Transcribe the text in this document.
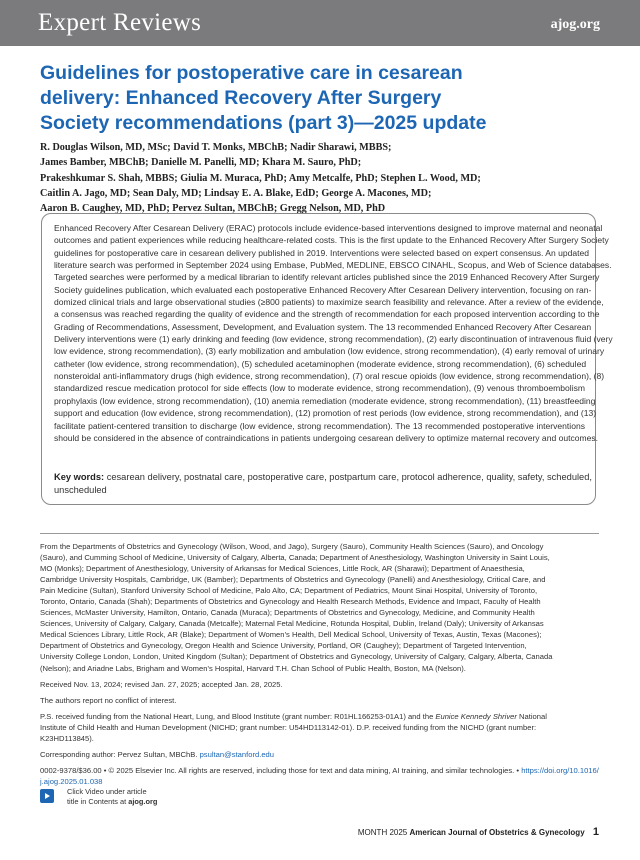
Expert Reviews	ajog.org
Guidelines for postoperative care in cesarean
delivery: Enhanced Recovery After Surgery
Society recommendations (part 3)—2025 update
R. Douglas Wilson, MD, MSc; David T. Monks, MBChB; Nadir Sharawi, MBBS;
James Bamber, MBChB; Danielle M. Panelli, MD; Khara M. Sauro, PhD;
Prakeshkumar S. Shah, MBBS; Giulia M. Muraca, PhD; Amy Metcalfe, PhD; Stephen L. Wood, MD;
Caitlin A. Jago, MD; Sean Daly, MD; Lindsay E. A. Blake, EdD; George A. Macones, MD;
Aaron B. Caughey, MD, PhD; Pervez Sultan, MBChB; Gregg Nelson, MD, PhD
Enhanced Recovery After Cesarean Delivery (ERAC) protocols include evidence-based interventions designed to improve maternal and neonatal
outcomes and patient experiences while reducing healthcare-related costs. This is the first update to the Enhanced Recovery After Surgery Society
guidelines for postoperative care in cesarean delivery published in 2019. Interventions were selected based on expert consensus. An updated
literature search was performed in September 2024 using Embase, PubMed, MEDLINE, EBSCO CINAHL, Scopus, and Web of Science databases.
Targeted searches were performed by a medical librarian to identify relevant articles published since the 2019 Enhanced Recovery After Surgery
Society guidelines publication, which evaluated each postoperative Enhanced Recovery After Cesarean Delivery intervention, focusing on ran-
domized clinical trials and large observational studies (≥800 patients) to maximize search feasibility and relevance. After a review of the evidence,
a consensus was reached regarding the quality of evidence and the strength of recommendation for each proposed intervention according to the
Grading of Recommendations, Assessment, Development, and Evaluation system. The 13 recommended Enhanced Recovery After Cesarean
Delivery interventions were (1) early drinking and feeding (low evidence, strong recommendation), (2) early discontinuation of intravenous fluid (very
low evidence, strong recommendation), (3) early mobilization and ambulation (low evidence, strong recommendation), (4) early removal of urinary
catheter (low evidence, strong recommendation), (5) scheduled acetaminophen (moderate evidence, strong recommendation), (6) scheduled
nonsteroidal anti-inflammatory drugs (high evidence, strong recommendation), (7) oral rescue opioids (low evidence, strong recommendation), (8)
standardized rescue medication protocol for side effects (low to moderate evidence, strong recommendation), (9) venous thromboembolism
prophylaxis (low evidence, strong recommendation), (10) anemia remediation (moderate evidence, strong recommendation), (11) breastfeeding
support and education (low evidence, strong recommendation), (12) promotion of rest periods (low evidence, strong recommendation), and (13)
facilitate patient-centered transition to discharge (low evidence, strong recommendation). The 13 recommended postoperative interventions
should be considered in the absence of contraindications in patients undergoing cesarean delivery to optimize maternal recovery and outcomes.
Key words: cesarean delivery, postnatal care, postoperative care, postpartum care, protocol adherence, quality, safety, scheduled,
unscheduled
From the Departments of Obstetrics and Gynecology (Wilson, Wood, and Jago), Surgery (Sauro), Community Health Sciences (Sauro), and Oncology
(Sauro), and Cumming School of Medicine, University of Calgary, Alberta, Canada; Department of Anesthesiology, Washington University in Saint Louis,
MO (Monks); Department of Anesthesiology, University of Arkansas for Medical Sciences, Little Rock, AR (Sharawi); Department of Anaesthesia,
Cambridge University Hospitals, Cambridge, UK (Bamber); Departments of Obstetrics and Gynecology (Panelli) and Anesthesiology, Critical Care, and
Pain Medicine (Sultan), Stanford University School of Medicine, Palo Alto, CA; Department of Pediatrics, Mount Sinai Hospital, University of Toronto,
Toronto, Ontario, Canada (Shah); Departments of Obstetrics and Gynecology and Health Research Methods, Evidence and Impact, Faculty of Health
Sciences, McMaster University, Hamilton, Ontario, Canada (Muraca); Departments of Obstetrics and Gynecology, Medicine, and Community Health
Sciences, University of Calgary, Calgary, Canada (Metcalfe); Maternal Fetal Medicine, Rotunda Hospital, Dublin, Ireland (Daly); University of Arkansas
Medical Sciences Library, Little Rock, AR (Blake); Department of Women’s Health, Dell Medical School, University of Texas, Austin, Texas (Macones);
Department of Obstetrics and Gynecology, Oregon Health and Science University, Portland, OR (Caughey); Department of Targeted Intervention,
University College London, London, United Kingdom (Sultan); Department of Obstetrics and Gynecology, University of Calgary, Calgary, Alberta, Canada
(Nelson); and Ariadne Labs, Brigham and Women’s Hospital, Harvard T.H. Chan School of Public Health, Boston, MA (Nelson).
Received Nov. 13, 2024; revised Jan. 27, 2025; accepted Jan. 28, 2025.
The authors report no conflict of interest.
P.S. received funding from the National Heart, Lung, and Blood Institute (grant number: R01HL166253-01A1) and the Eunice Kennedy Shriver National
Institute of Child Health and Human Development (NICHD; grant number: U54HD113142-01). D.P. received funding from the NICHD (grant number:
K23HD113845).
Corresponding author: Pervez Sultan, MBChB. psultan@stanford.edu
0002-9378/$36.00 • © 2025 Elsevier Inc. All rights are reserved, including those for text and data mining, AI training, and similar technologies. • https://doi.org/10.1016/
j.ajog.2025.01.038
Click Video under article
title in Contents at ajog.org
MONTH 2025 American Journal of Obstetrics & Gynecology 1
